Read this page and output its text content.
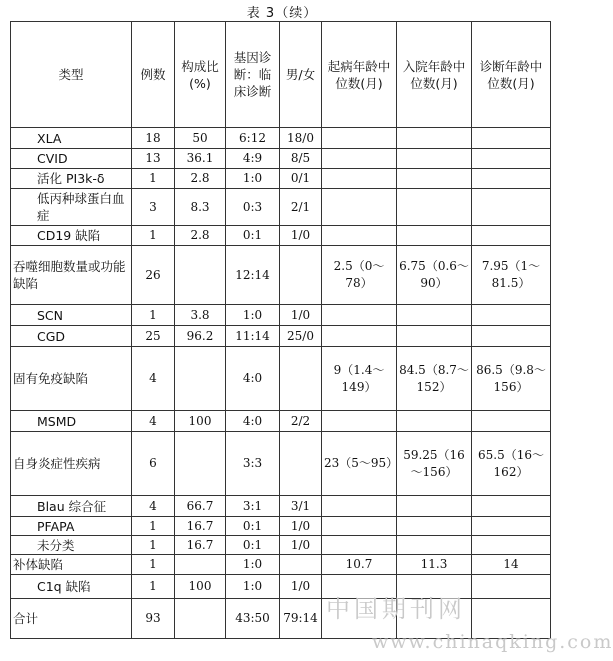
表 3（续）
类型	例数	构成比(%)	基因诊断：临床诊断	男/女	起病年龄中位数(月)	入院年龄中位数(月)	诊断年龄中位数(月)
XLA	18	50	6:12	18/0			
CVID	13	36.1	4:9	8/5			
活化 PI3k-δ	1	2.8	1:0	0/1			
低丙种球蛋白血症	3	8.3	0:3	2/1			
CD19 缺陷	1	2.8	0:1	1/0			
吞噬细胞数量或功能缺陷	26		12:14		2.5（0～78）	6.75（0.6～90）	7.95（1～81.5）
SCN	1	3.8	1:0	1/0			
CGD	25	96.2	11:14	25/0			
固有免疫缺陷	4		4:0		9（1.4～149）	84.5（8.7～152）	86.5（9.8～156）
MSMD	4	100	4:0	2/2			
自身炎症性疾病	6		3:3		23（5～95）	59.25（16～156）	65.5（16～162）
Blau 综合征	4	66.7	3:1	3/1			
PFAPA	1	16.7	0:1	1/0			
未分类	1	16.7	0:1	1/0			
补体缺陷	1		1:0		10.7	11.3	14
C1q 缺陷	1	100	1:0	1/0			
合计	93		43:50	79:14			中国期刊网
www.chinaqking.com
